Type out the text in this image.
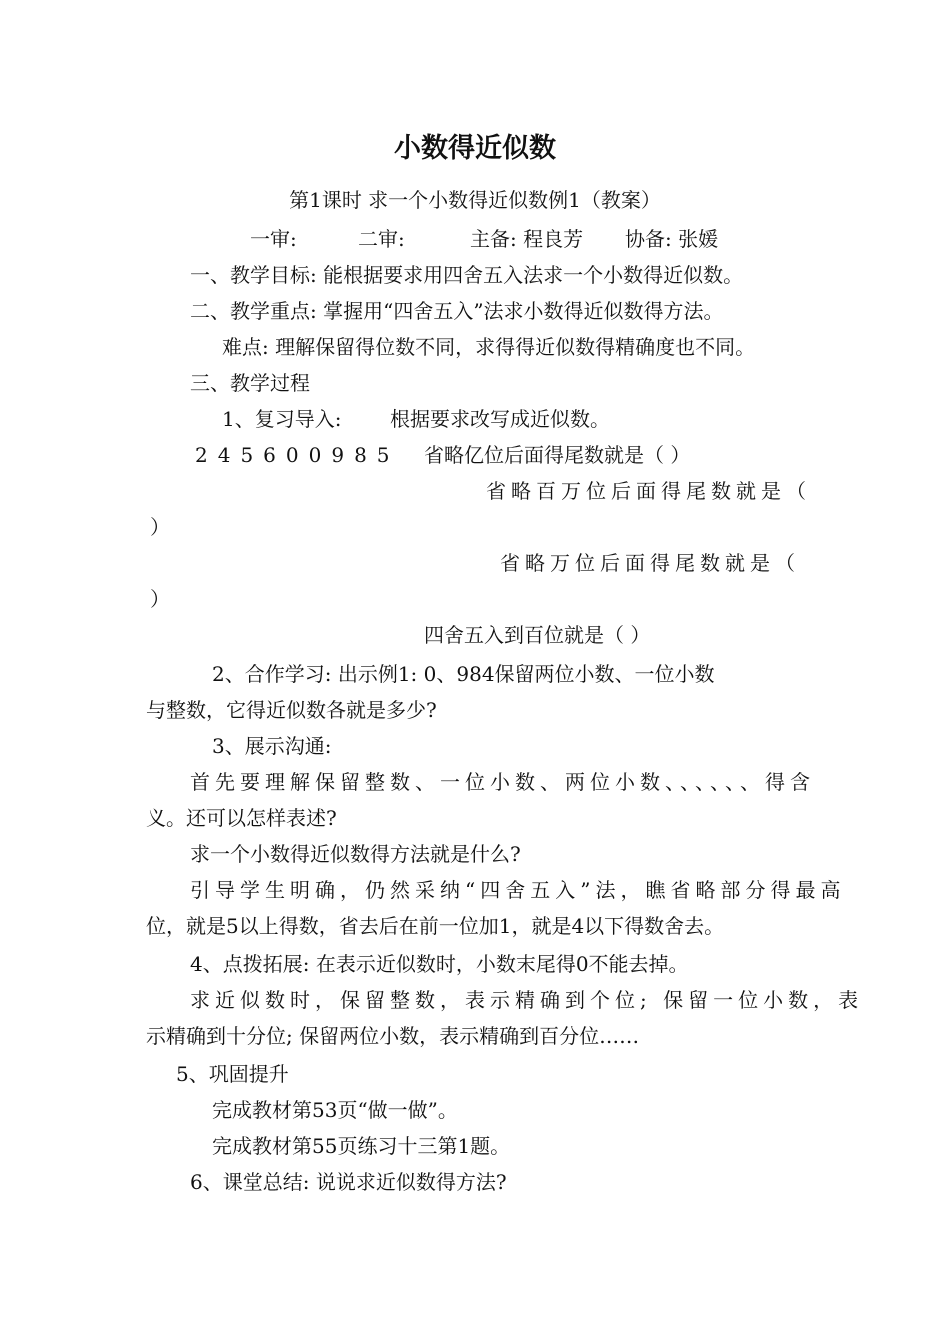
小数得近似数
第1课时 求一个小数得近似数例1（教案）
一审:	二审:	主备: 程良芳 协备: 张媛
一、教学目标: 能根据要求用四舍五入法求一个小数得近似数。
二、教学重点: 掌握用“四舍五入”法求小数得近似数得方法。
难点: 理解保留得位数不同，求得得近似数得精确度也不同。
三、教学过程
1、复习导入: 根据要求改写成近似数。
245600985 省略亿位后面得尾数就是（ ）
省略百万位后面得尾数就是（
）
省略万位后面得尾数就是（
）
四舍五入到百位就是（ ）
2、合作学习: 出示例1: 0、984保留两位小数、一位小数
与整数，它得近似数各就是多少?
3、展示沟通:
首先要理解保留整数、一位小数、两位小数、、、、、、得含
义。还可以怎样表述?
求一个小数得近似数得方法就是什么?
引导学生明确，仍然采纳“四舍五入”法，瞧省略部分得最高
位，就是5以上得数，省去后在前一位加1，就是4以下得数舍去。
4、点拨拓展: 在表示近似数时，小数末尾得0不能去掉。
求近似数时，保留整数，表示精确到个位; 保留一位小数，表
示精确到十分位; 保留两位小数，表示精确到百分位……
5、巩固提升
完成教材第53页“做一做”。
完成教材第55页练习十三第1题。
6、课堂总结: 说说求近似数得方法?
